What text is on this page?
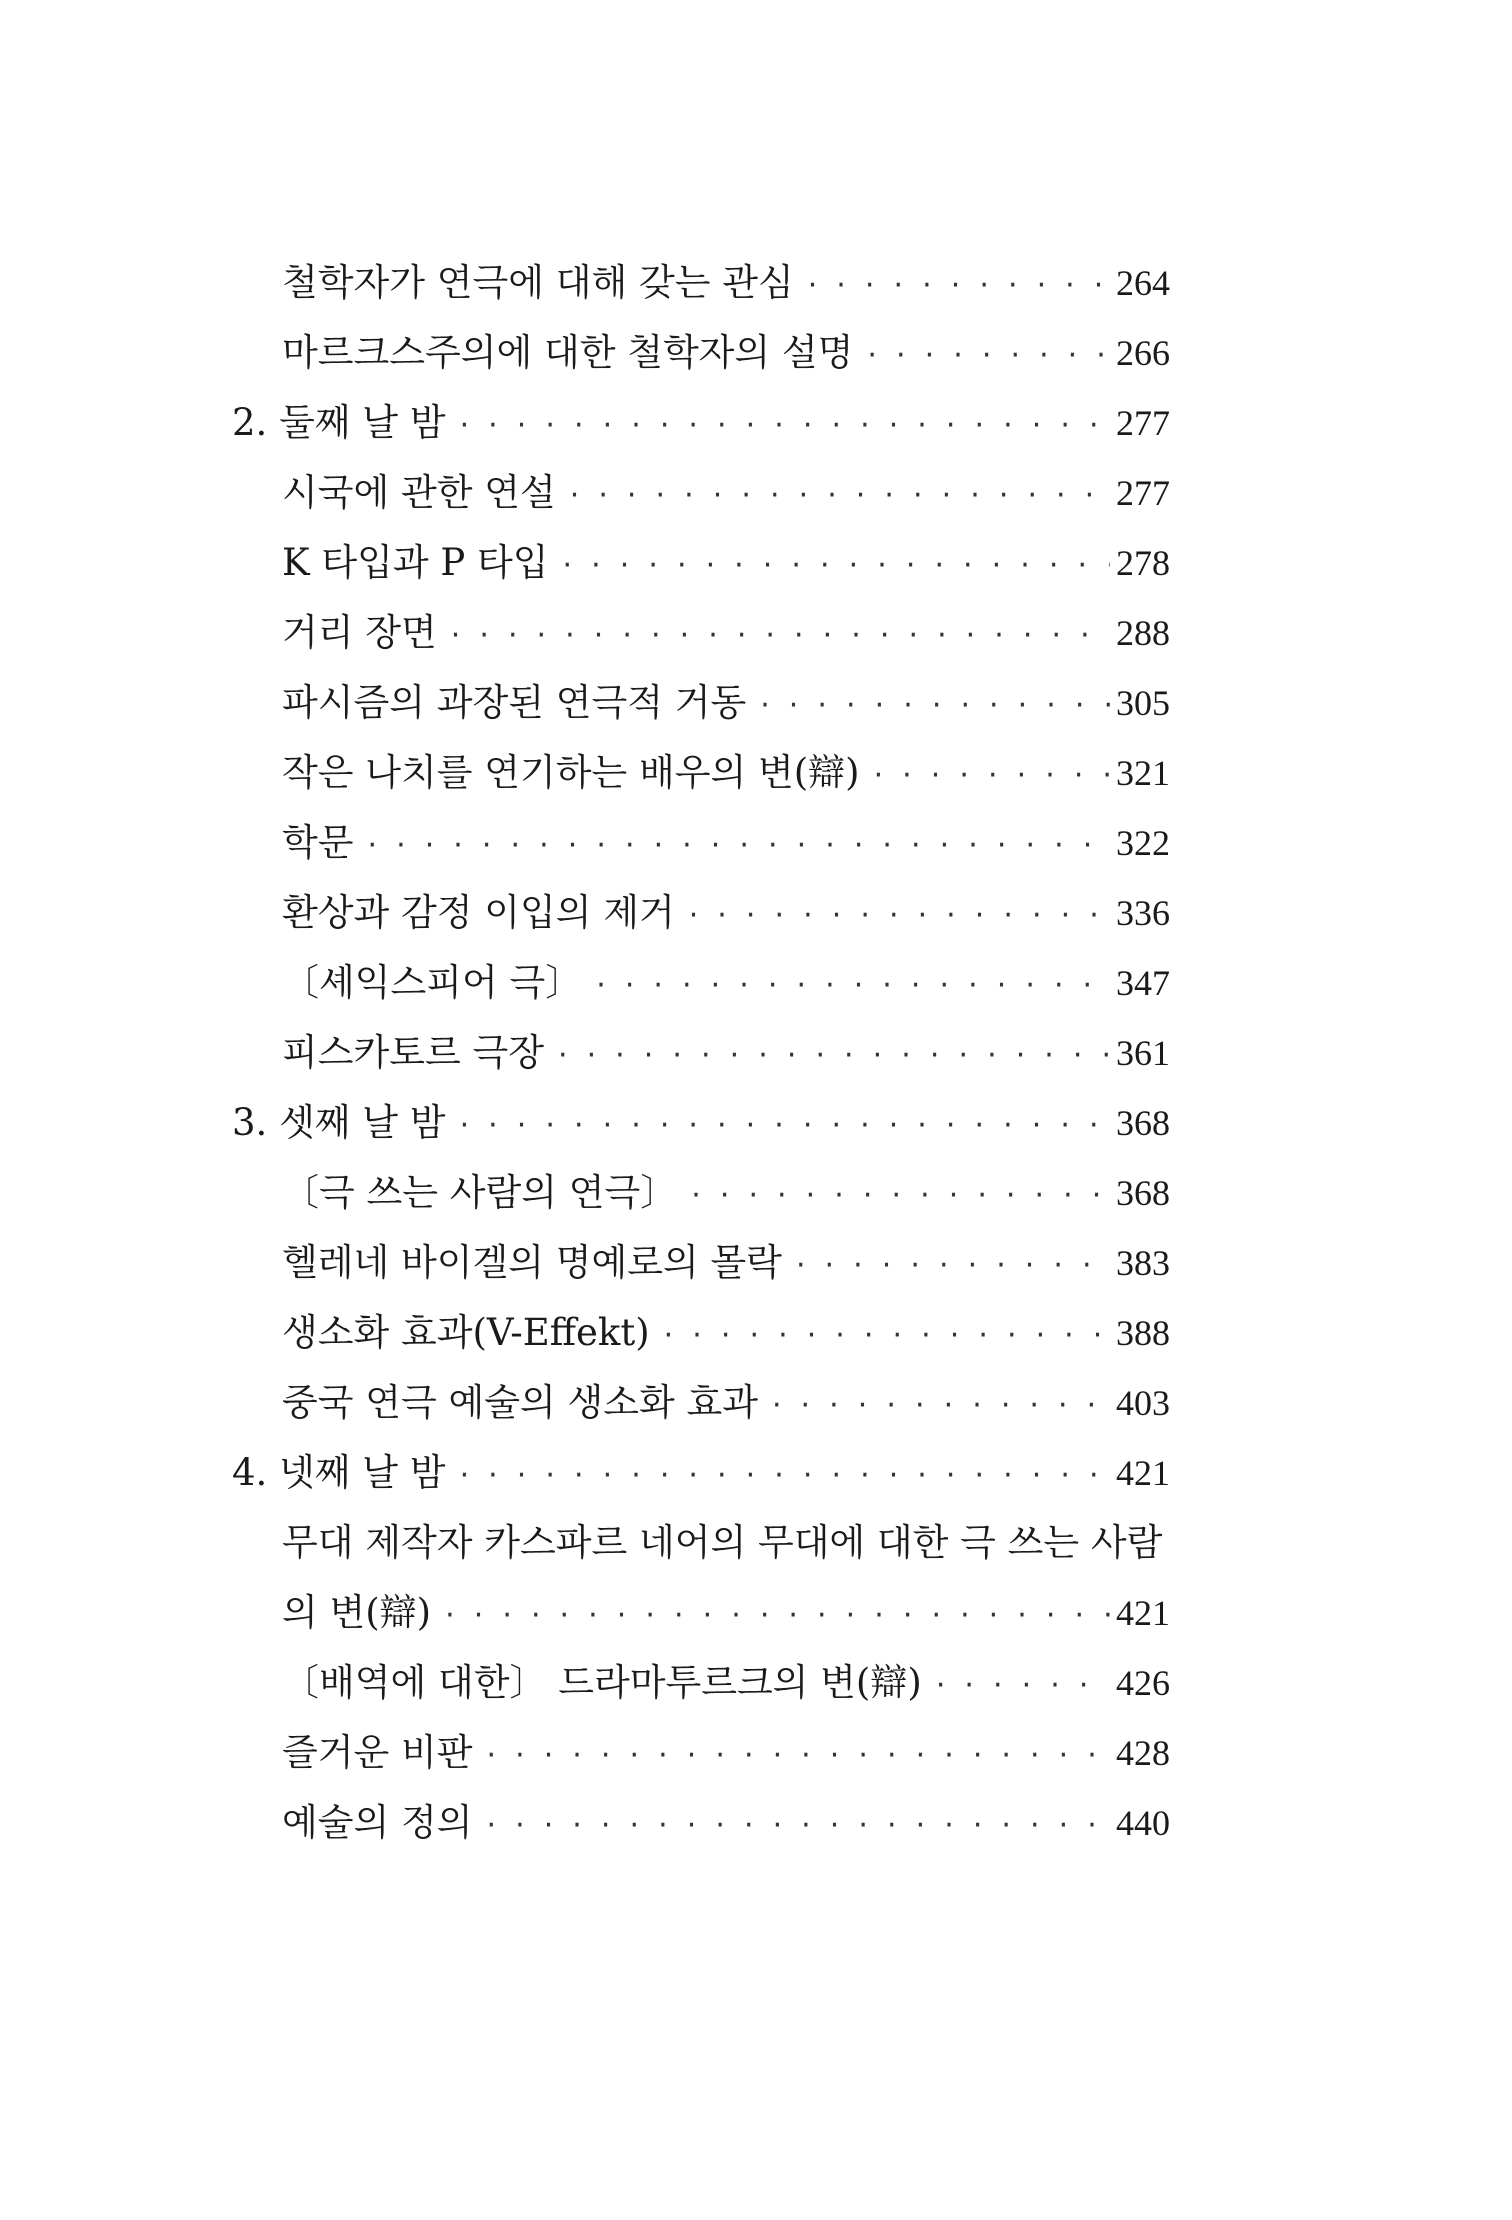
철학자가 연극에 대해 갖는 관심 · ·	264
마르크스주의에 대한 철학자의 설명 · ·	266
2. 둘째 날 밤 · ·	277
시국에 관한 연설 · ·	277
K 타입과 P 타입 · ·	278
거리 장면 · ·	288
파시즘의 과장된 연극적 거동 · ·	305
작은 나치를 연기하는 배우의 변(辯) · ·	321
학문 · ·	322
환상과 감정 이입의 제거 · ·	336
〔셰익스피어 극〕 · ·	347
피스카토르 극장 · ·	361
3. 셋째 날 밤 · ·	368
〔극 쓰는 사람의 연극〕 · ·	368
헬레네 바이겔의 명예로의 몰락 · ·	383
생소화 효과(V-Effekt) · ·	388
중국 연극 예술의 생소화 효과 · ·	403
4. 넷째 날 밤 · ·	421
무대 제작자 카스파르 네어의 무대에 대한 극 쓰는 사람
의 변(辯) · ·	421
〔배역에 대한〕 드라마투르크의 변(辯) · ·	426
즐거운 비판 · ·	428
예술의 정의 · ·	440
